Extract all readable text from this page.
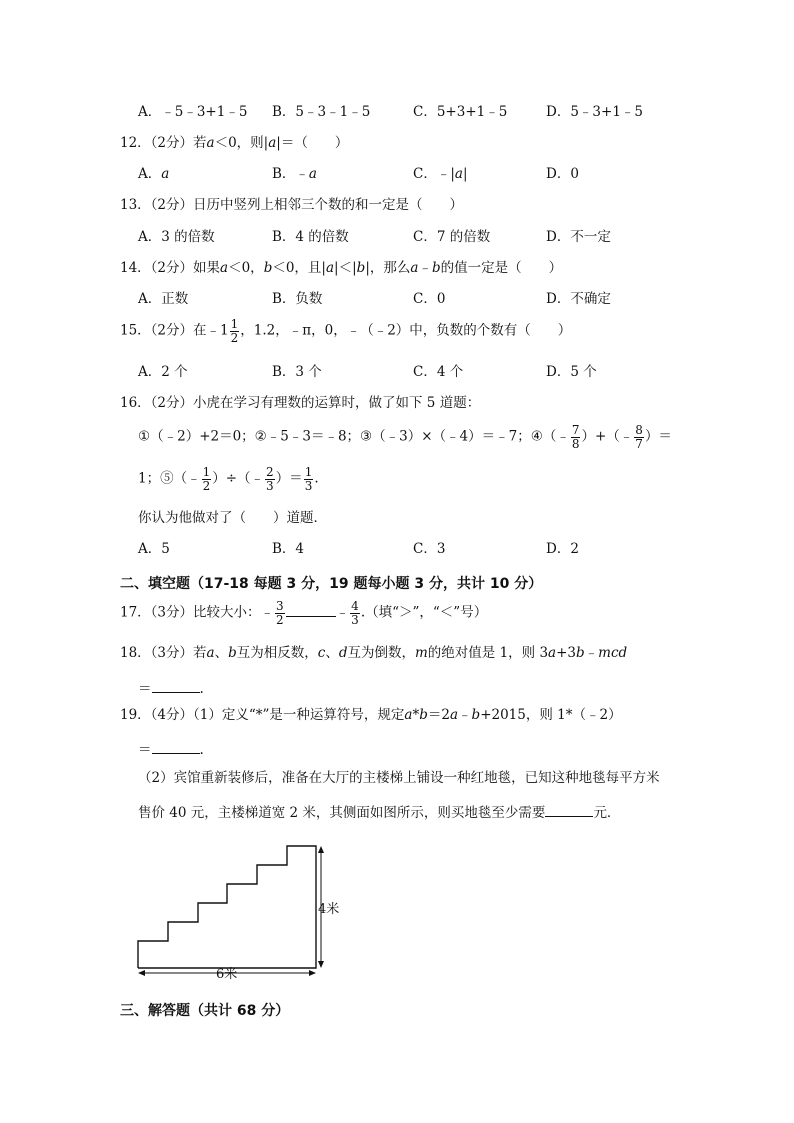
A．﹣5﹣3+1﹣5 B．5﹣3﹣1﹣5	C．5+3+1﹣5	D．5﹣3+1﹣5
12．（2分）若a＜0，则|a|＝（　　）
A．a	B．﹣a	C．﹣|a|	D．0
13．（2分）日历中竖列上相邻三个数的和一定是（　　）
A．3 的倍数	B．4 的倍数	C．7 的倍数	D．不一定
14．（2分）如果a＜0，b＜0，且|a|＜|b|，那么a﹣b的值一定是（　　）
A．正数	B．负数	C．0	D．不确定
15．（2分）在﹣1 $\frac{1}{2}$ ，1.2，﹣π，0，﹣（﹣2）中，负数的个数有（　　）
A．2 个	B．3 个	C．4 个	D．5 个
16．（2分）小虎在学习有理数的运算时，做了如下 5 道题：
①（﹣2）+2＝0；②﹣5﹣3＝﹣8；③（﹣3）×（﹣4）＝﹣7；④（﹣ $\frac{7}{8}$ ）+（﹣ $\frac{8}{7}$ ）＝
1；⑤（﹣ $\frac{1}{2}$ ）÷（﹣ $\frac{2}{3}$ ）＝ $\frac{1}{3}$ .
你认为他做对了（　　）道题．
A．5	B．4	C．3	D．2
二、填空题（17-18 每题 3 分，19 题每小题 3 分，共计 10 分）
17．（3分）比较大小：﹣ $\frac{3}{2}$	﹣ $\frac{4}{3}$ .（填“＞”，“＜”号）
18．（3分）若a、b互为相反数，c、d互为倒数，m的绝对值是 1，则 3a+3b﹣mcd
＝	.
19．（4分）（1）定义“*”是一种运算符号，规定a*b＝2a﹣b+2015，则 1*（﹣2）
＝	.
（2）宾馆重新装修后，准备在大厅的主楼梯上铺设一种红地毯，已知这种地毯每平方米
售价 40 元，主楼梯道宽 2 米，其侧面如图所示，则买地毯至少需要	元．
4米
6米
三、解答题（共计 68 分）
